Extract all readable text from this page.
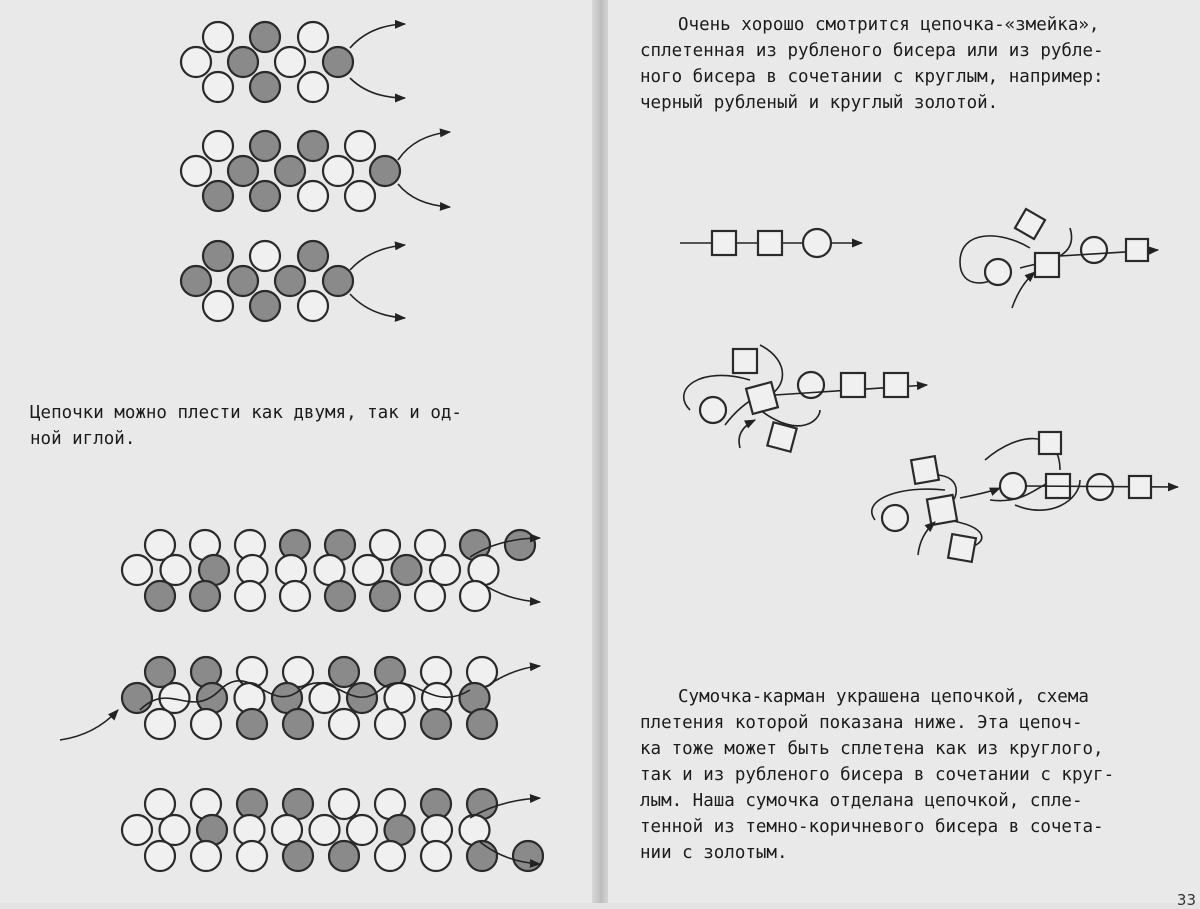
Цепочки можно плести как двумя, так и од-
ной иглой.
Очень хорошо смотрится цепочка-«змейка»,
сплетенная из рубленого бисера или из рубле-
ного бисера в сочетании с круглым, например:
черный рубленый и круглый золотой.
Сумочка-карман украшена цепочкой, схема
плетения которой показана ниже. Эта цепоч-
ка тоже может быть сплетена как из круглого,
так и из рубленого бисера в сочетании с круг-
лым. Наша сумочка отделана цепочкой, спле-
тенной из темно-коричневого бисера в сочета-
нии с золотым.
33
